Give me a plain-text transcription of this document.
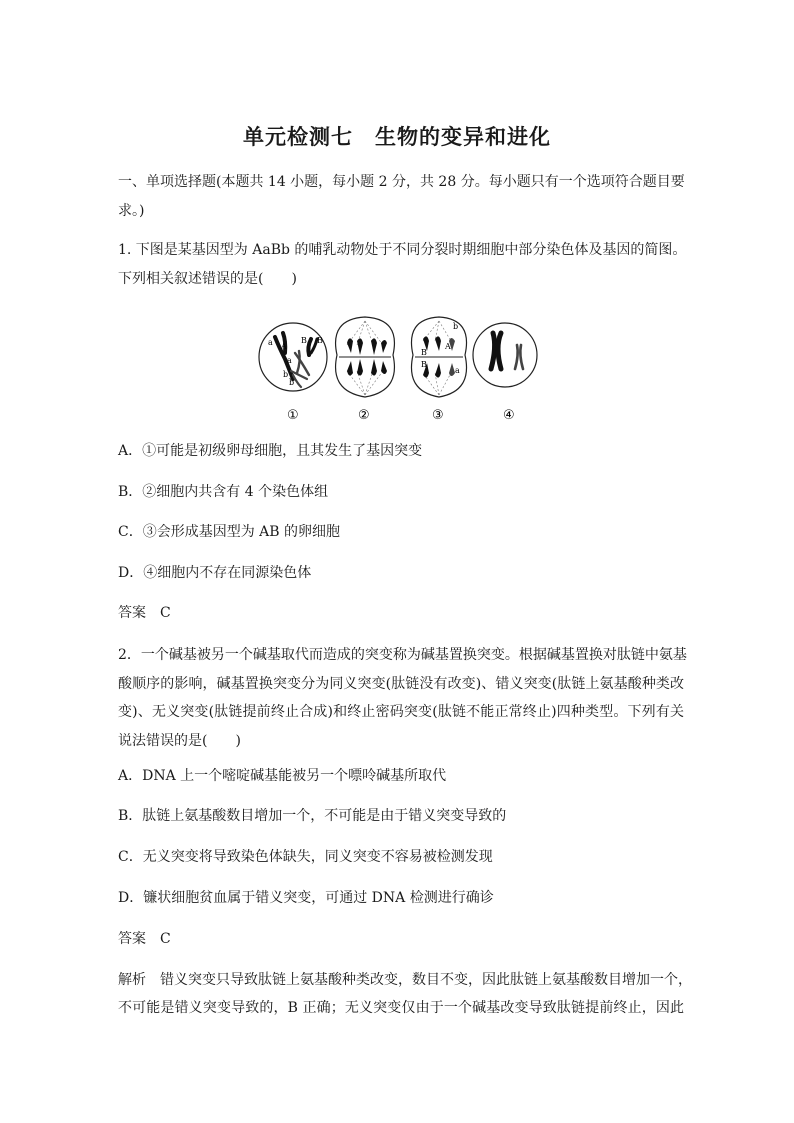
单元检测七　生物的变异和进化
一、单项选择题(本题共 14 小题，每小题 2 分，共 28 分。每小题只有一个选项符合题目要
求。)
1. 下图是某基因型为 AaBb 的哺乳动物处于不同分裂时期细胞中部分染色体及基因的简图。
下列相关叙述错误的是(　　)
a A
B B
a
b
b
b
A
B
B
a
①	②	③	④
A．①可能是初级卵母细胞，且其发生了基因突变
B．②细胞内共含有 4 个染色体组
C．③会形成基因型为 AB 的卵细胞
D．④细胞内不存在同源染色体
答案　C
2．一个碱基被另一个碱基取代而造成的突变称为碱基置换突变。根据碱基置换对肽链中氨基
酸顺序的影响，碱基置换突变分为同义突变(肽链没有改变)、错义突变(肽链上氨基酸种类改
变)、无义突变(肽链提前终止合成)和终止密码突变(肽链不能正常终止)四种类型。下列有关
说法错误的是(　　)
A．DNA 上一个嘧啶碱基能被另一个嘌呤碱基所取代
B．肽链上氨基酸数目增加一个，不可能是由于错义突变导致的
C．无义突变将导致染色体缺失，同义突变不容易被检测发现
D．镰状细胞贫血属于错义突变，可通过 DNA 检测进行确诊
答案　C
解析　错义突变只导致肽链上氨基酸种类改变，数目不变，因此肽链上氨基酸数目增加一个，
不可能是错义突变导致的，B 正确；无义突变仅由于一个碱基改变导致肽链提前终止，因此
